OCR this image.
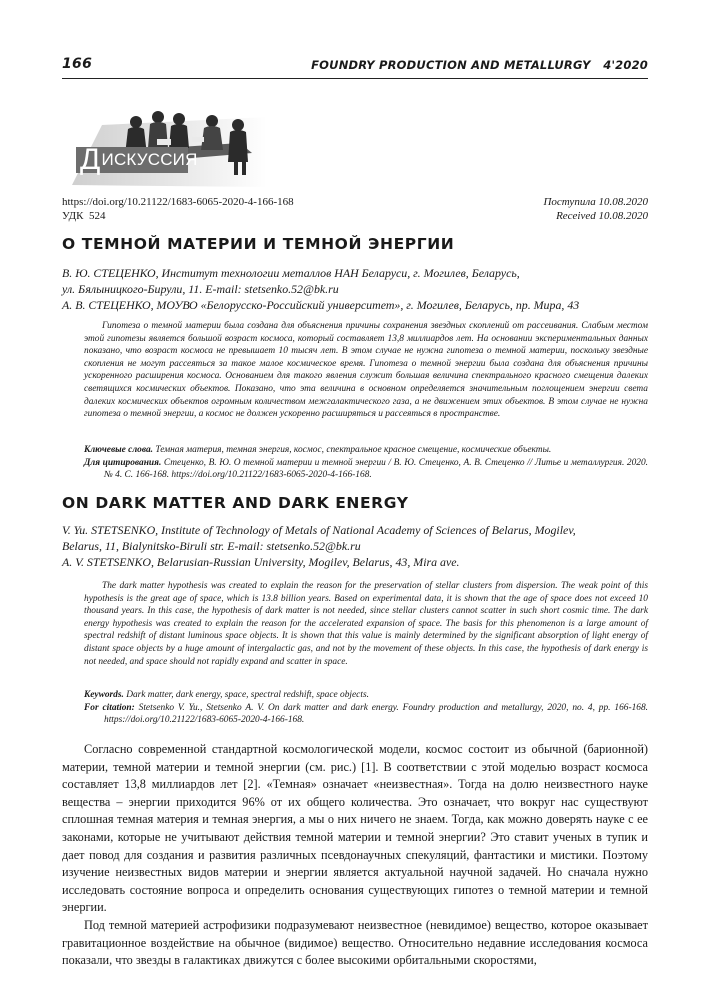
166	FOUNDRY PRODUCTION AND METALLURGY   4'2020
ДИСКУССИЯ
https://doi.org/10.21122/1683-6065-2020-4-166-168
УДК  524
Поступила 10.08.2020
Received 10.08.2020
О ТЕМНОЙ МАТЕРИИ И ТЕМНОЙ ЭНЕРГИИ
В. Ю. СТЕЦЕНКО, Институт технологии металлов НАН Беларуси, г. Могилев, Беларусь,
ул. Бялыницкого-Бирули, 11. E-mail: stetsenko.52@bk.ru
А. В. СТЕЦЕНКО, МОУВО «Белорусско-Российский университет», г. Могилев, Беларусь, пр. Мира, 43

Гипотеза о темной материи была создана для объяснения причины сохранения звездных скоплений от рассеивания. Слабым местом этой гипотезы является большой возраст космоса, который составляет 13,8 миллиардов лет. На основании экспериментальных данных показано, что возраст космоса не превышает 10 тысяч лет. В этом случае не нужна гипотеза о темной материи, поскольку звездные скопления не могут рассеяться за такое малое космическое время. Гипотеза о темной энергии была создана для объяснения причины ускоренного расширения космоса. Основанием для такого явления служит большая величина спектрального красного смещения далеких светящихся космических объектов. Показано, что эта величина в основном определяется значительным поглощением энергии света далеких космических объектов огромным количеством межгалактического газа, а не движением этих объектов. В этом случае не нужна гипотеза о темной энергии, а космос не должен ускоренно расширяться и рассеяться в пространстве.

Ключевые слова. Темная материя, темная энергия, космос, спектральное красное смещение, космические объекты.

Для цитирования. Стеценко, В. Ю. О темной материи и темной энергии / В. Ю. Стеценко, А. В. Стеценко // Литье и металлургия. 2020. № 4. С. 166-168. https://doi.org/10.21122/1683-6065-2020-4-166-168.

ON DARK MATTER AND DARK ENERGY
V. Yu. STETSENKO, Institute of Technology of Metals of National Academy of Sciences of Belarus, Mogilev,
Belarus, 11, Bialynitsko-Biruli str. E-mail: stetsenko.52@bk.ru
A. V. STETSENKO, Belarusian-Russian University, Mogilev, Belarus, 43, Mira ave.

The dark matter hypothesis was created to explain the reason for the preservation of stellar clusters from dispersion. The weak point of this hypothesis is the great age of space, which is 13.8 billion years. Based on experimental data, it is shown that the age of space does not exceed 10 thousand years. In this case, the hypothesis of dark matter is not needed, since stellar clusters cannot scatter in such short cosmic time. The dark energy hypothesis was created to explain the reason for the accelerated expansion of space. The basis for this phenomenon is a large amount of spectral redshift of distant luminous space objects. It is shown that this value is mainly determined by the significant absorption of light energy of distant space objects by a huge amount of intergalactic gas, and not by the movement of these objects. In this case, the hypothesis of dark energy is not needed, and space should not rapidly expand and scatter in space.

Keywords. Dark matter, dark energy, space, spectral redshift, space objects.

For citation: Stetsenko V. Yu., Stetsenko A. V. On dark matter and dark energy. Foundry production and metallurgy, 2020, no. 4, pp. 166-168. https://doi.org/10.21122/1683-6065-2020-4-166-168.

Согласно современной стандартной космологической модели, космос состоит из обычной (барионной) материи, темной материи и темной энергии (см. рис.) [1]. В соответствии с этой моделью возраст космоса составляет 13,8 миллиардов лет [2]. «Темная» означает «неизвестная». Тогда на долю неизвестного науке вещества – энергии приходится 96% от их общего количества. Это означает, что вокруг нас существуют сплошная темная материя и темная энергия, а мы о них ничего не знаем. Тогда, как можно доверять науке с ее законами, которые не учитывают действия темной материи и темной энергии? Это ставит ученых в тупик и дает повод для создания и развития различных псевдонаучных спекуляций, фантастики и мистики. Поэтому изучение неизвестных видов материи и энергии является актуальной научной задачей. Но сначала нужно исследовать состояние вопроса и определить основания существующих гипотез о темной материи и темной энергии.

Под темной материей астрофизики подразумевают неизвестное (невидимое) вещество, которое оказывает гравитационное воздействие на обычное (видимое) вещество. Относительно недавние исследования космоса показали, что звезды в галактиках движутся с более высокими орбитальными скоростями,
